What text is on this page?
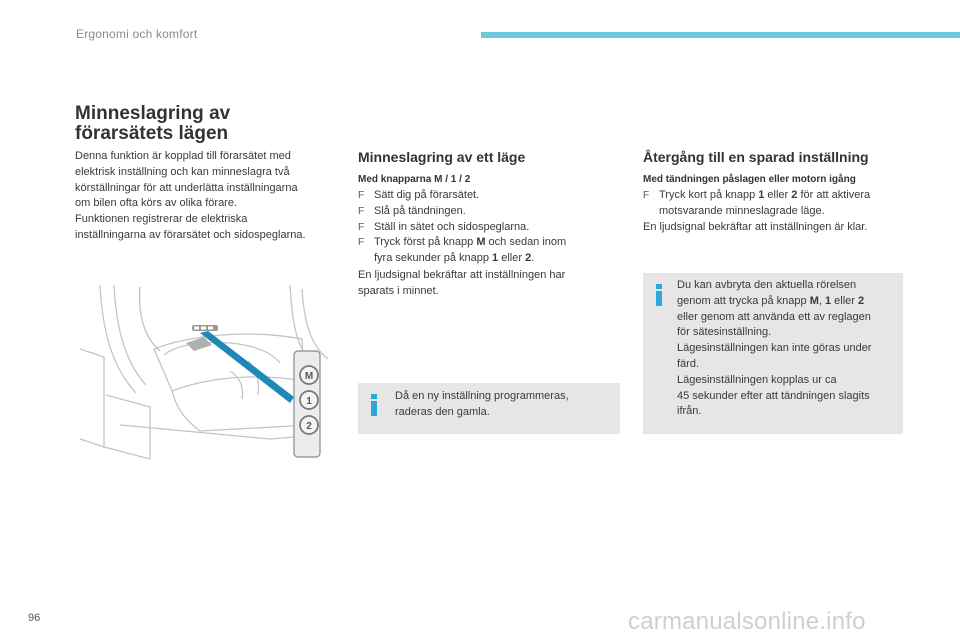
Ergonomi och komfort
Minneslagring av
förarsätets lägen
Denna funktion är kopplad till förarsätet med
elektrisk inställning och kan minneslagra två
körställningar för att underlätta inställningarna
om bilen ofta körs av olika förare.
Funktionen registrerar de elektriska
inställningarna av förarsätet och sidospeglarna.
M
1
2
Minneslagring av ett läge
Med knapparna M / 1 / 2
F Sätt dig på förarsätet.
F Slå på tändningen.
F Ställ in sätet och sidospeglarna.
F Tryck först på knapp M och sedan inom
fyra sekunder på knapp 1 eller 2.
En ljudsignal bekräftar att inställningen har
sparats i minnet.
Då en ny inställning programmeras,
raderas den gamla.
Återgång till en sparad inställning
Med tändningen påslagen eller motorn igång
F Tryck kort på knapp 1 eller 2 för att aktivera
motsvarande minneslagrade läge.
En ljudsignal bekräftar att inställningen är klar.
Du kan avbryta den aktuella rörelsen
genom att trycka på knapp M, 1 eller 2
eller genom att använda ett av reglagen
för sätesinställning.
Lägesinställningen kan inte göras under
färd.
Lägesinställningen kopplas ur ca
45 sekunder efter att tändningen slagits
ifrån.
96	carmanualsonline.info
